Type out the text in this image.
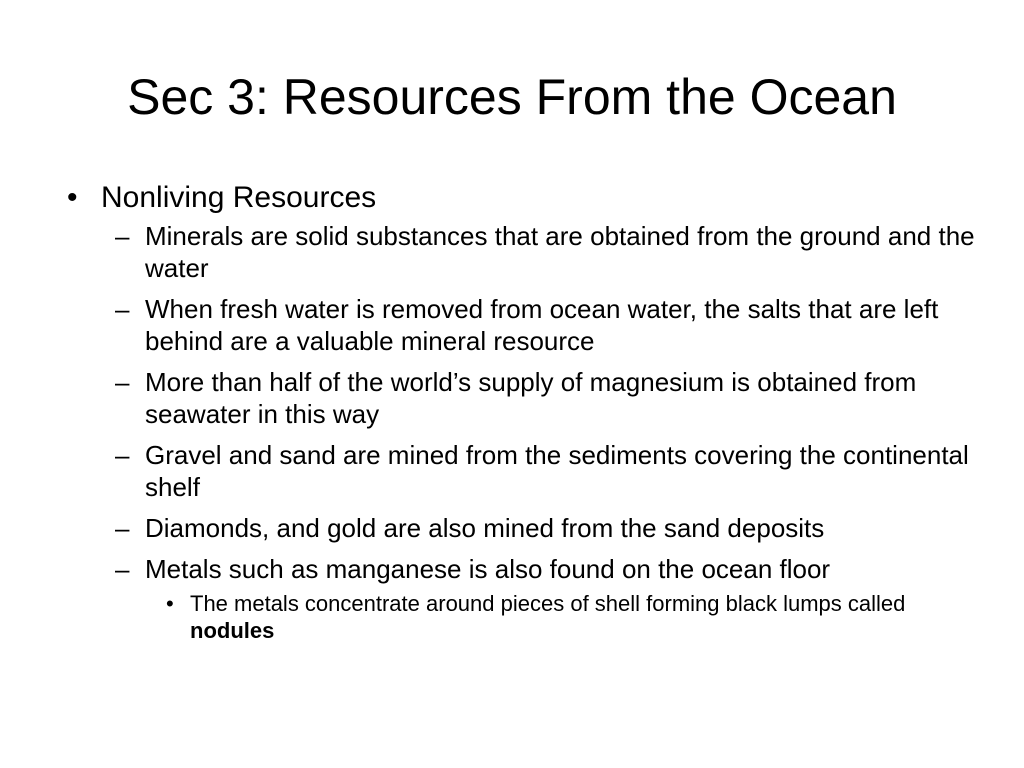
Sec 3: Resources From the Ocean
• Nonliving Resources
– Minerals are solid substances that are obtained from the ground and the water
– When fresh water is removed from ocean water, the salts that are left behind are a valuable mineral resource
– More than half of the world’s supply of magnesium is obtained from seawater in this way
– Gravel and sand are mined from the sediments covering the continental shelf
– Diamonds, and gold are also mined from the sand deposits
– Metals such as manganese is also found on the ocean floor
• The metals concentrate around pieces of shell forming black lumps called nodules
